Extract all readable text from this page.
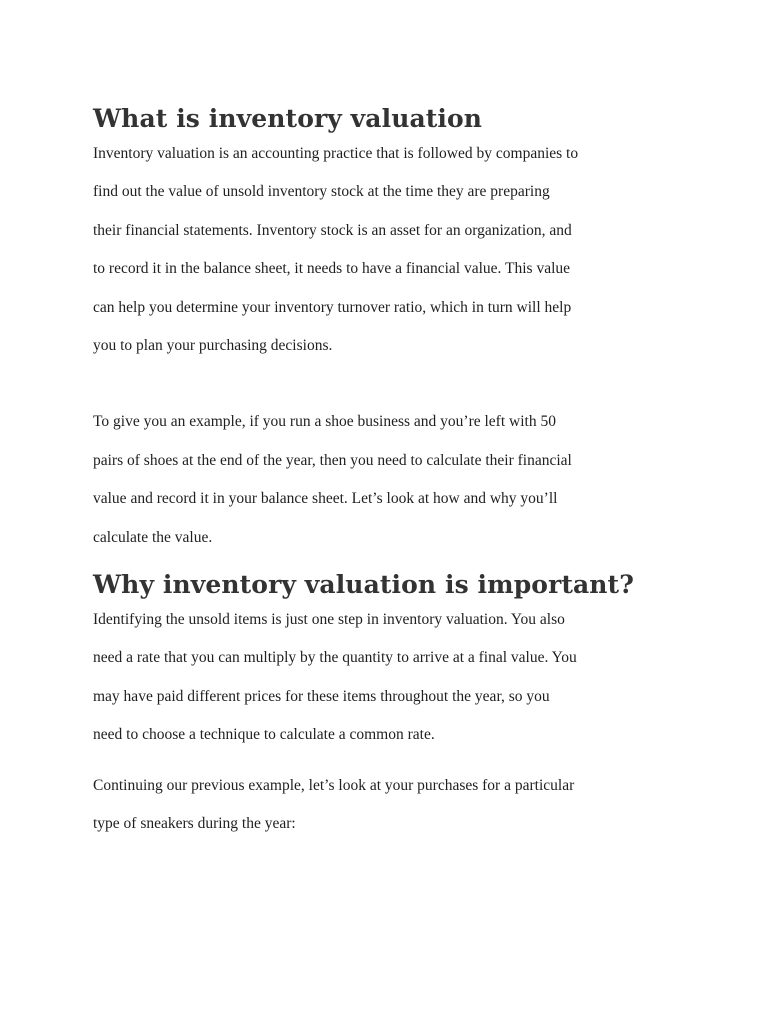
What is inventory valuation

Inventory valuation is an accounting practice that is followed by companies to
find out the value of unsold inventory stock at the time they are preparing
their financial statements. Inventory stock is an asset for an organization, and
to record it in the balance sheet, it needs to have a financial value. This value
can help you determine your inventory turnover ratio, which in turn will help
you to plan your purchasing decisions.

To give you an example, if you run a shoe business and you’re left with 50
pairs of shoes at the end of the year, then you need to calculate their financial
value and record it in your balance sheet. Let’s look at how and why you’ll
calculate the value.

Why inventory valuation is important?

Identifying the unsold items is just one step in inventory valuation. You also
need a rate that you can multiply by the quantity to arrive at a final value. You
may have paid different prices for these items throughout the year, so you
need to choose a technique to calculate a common rate.

Continuing our previous example, let’s look at your purchases for a particular
type of sneakers during the year:
